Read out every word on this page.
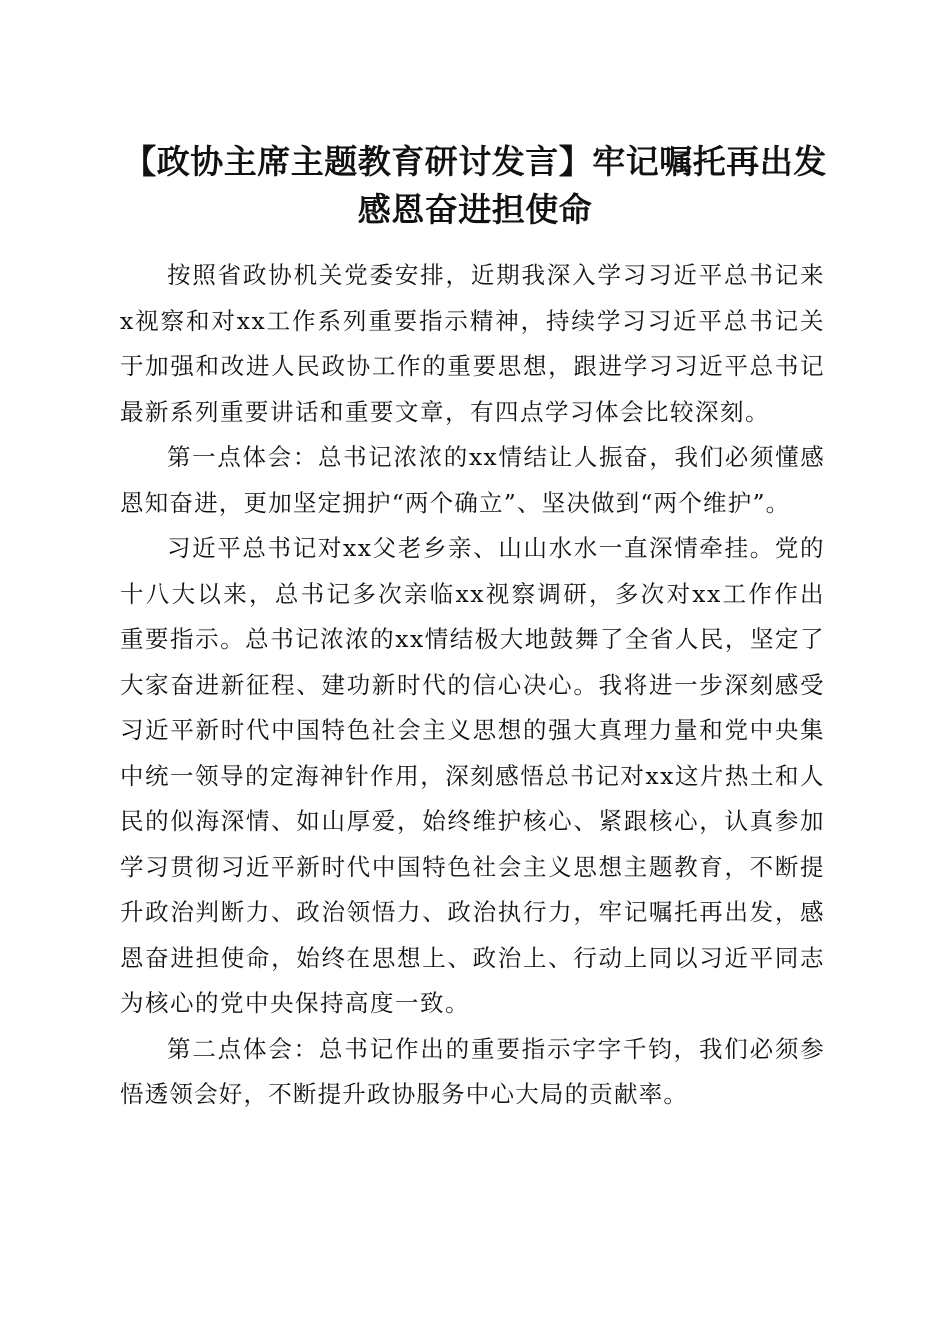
【政协主席主题教育研讨发言】牢记嘱托再出发感恩奋进担使命

按照省政协机关党委安排，近期我深入学习习近平总书记来x视察和对xx工作系列重要指示精神，持续学习习近平总书记关于加强和改进人民政协工作的重要思想，跟进学习习近平总书记最新系列重要讲话和重要文章，有四点学习体会比较深刻。

第一点体会：总书记浓浓的xx情结让人振奋，我们必须懂感恩知奋进，更加坚定拥护“两个确立”、坚决做到“两个维护”。

习近平总书记对xx父老乡亲、山山水水一直深情牵挂。党的十八大以来，总书记多次亲临xx视察调研，多次对xx工作作出重要指示。总书记浓浓的xx情结极大地鼓舞了全省人民，坚定了大家奋进新征程、建功新时代的信心决心。我将进一步深刻感受习近平新时代中国特色社会主义思想的强大真理力量和党中央集中统一领导的定海神针作用，深刻感悟总书记对xx这片热土和人民的似海深情、如山厚爱，始终维护核心、紧跟核心，认真参加学习贯彻习近平新时代中国特色社会主义思想主题教育，不断提升政治判断力、政治领悟力、政治执行力，牢记嘱托再出发，感恩奋进担使命，始终在思想上、政治上、行动上同以习近平同志为核心的党中央保持高度一致。

第二点体会：总书记作出的重要指示字字千钧，我们必须参悟透领会好，不断提升政协服务中心大局的贡献率。
